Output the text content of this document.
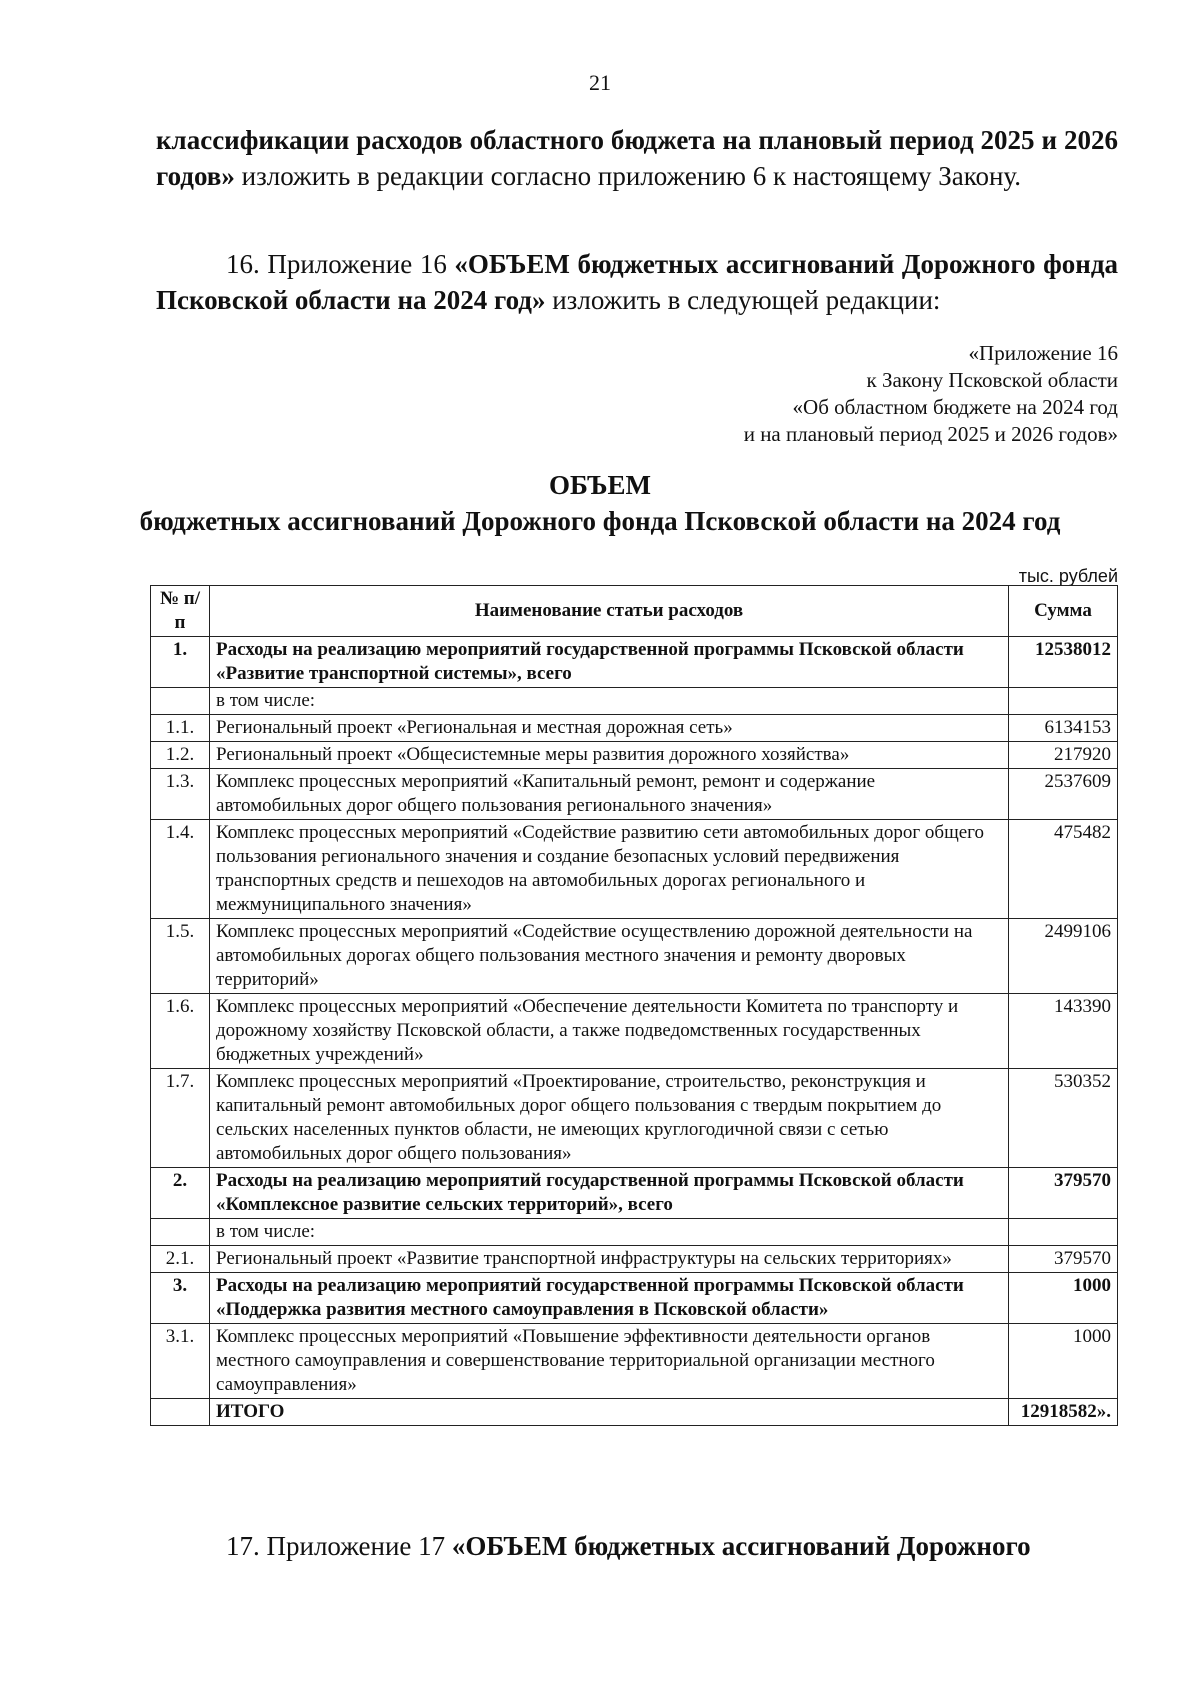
21
классификации расходов областного бюджета на плановый период 2025 и 2026 годов» изложить в редакции согласно приложению 6 к настоящему Закону.
16. Приложение 16 «ОБЪЕМ бюджетных ассигнований Дорожного фонда Псковской области на 2024 год» изложить в следующей редакции:
«Приложение 16
к Закону Псковской области
«Об областном бюджете на 2024 год
и на плановый период 2025 и 2026 годов»
ОБЪЕМ
бюджетных ассигнований Дорожного фонда Псковской области на 2024 год
тыс. рублей
№ п/п	Наименование статьи расходов	Сумма
1.	Расходы на реализацию мероприятий государственной программы Псковской области «Развитие транспортной системы», всего	12538012
	в том числе:	
1.1.	Региональный проект «Региональная и местная дорожная сеть»	6134153
1.2.	Региональный проект «Общесистемные меры развития дорожного хозяйства»	217920
1.3.	Комплекс процессных мероприятий «Капитальный ремонт, ремонт и содержание автомобильных дорог общего пользования регионального значения»	2537609
1.4.	Комплекс процессных мероприятий «Содействие развитию сети автомобильных дорог общего пользования регионального значения и создание безопасных условий передвижения транспортных средств и пешеходов на автомобильных дорогах регионального и межмуниципального значения»	475482
1.5.	Комплекс процессных мероприятий «Содействие осуществлению дорожной деятельности на автомобильных дорогах общего пользования местного значения и ремонту дворовых территорий»	2499106
1.6.	Комплекс процессных мероприятий «Обеспечение деятельности Комитета по транспорту и дорожному хозяйству Псковской области, а также подведомственных государственных бюджетных учреждений»	143390
1.7.	Комплекс процессных мероприятий «Проектирование, строительство, реконструкция и капитальный ремонт автомобильных дорог общего пользования с твердым покрытием до сельских населенных пунктов области, не имеющих круглогодичной связи с сетью автомобильных дорог общего пользования»	530352
2.	Расходы на реализацию мероприятий государственной программы Псковской области «Комплексное развитие сельских территорий», всего	379570
	в том числе:	
2.1.	Региональный проект «Развитие транспортной инфраструктуры на сельских территориях»	379570
3.	Расходы на реализацию мероприятий государственной программы Псковской области «Поддержка развития местного самоуправления в Псковской области»	1000
3.1.	Комплекс процессных мероприятий «Повышение эффективности деятельности органов местного самоуправления и совершенствование территориальной организации местного самоуправления»	1000
	ИТОГО	12918582».
17. Приложение 17 «ОБЪЕМ бюджетных ассигнований Дорожного
